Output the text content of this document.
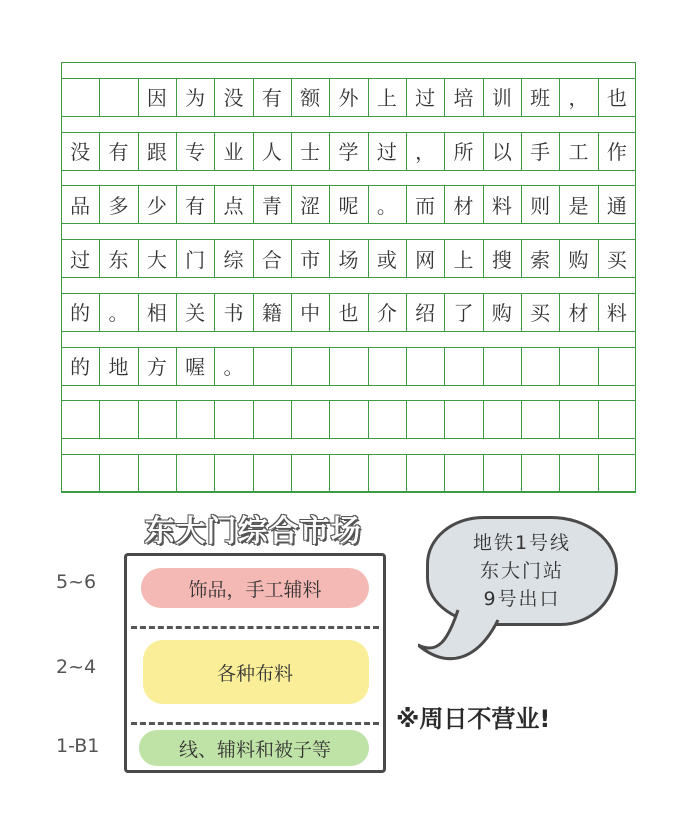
因 为 没 有 额 外 上 过 培 训 班 ， 也
没 有 跟 专 业 人 士 学 过 ， 所 以 手 工 作
品 多 少 有 点 青 涩 呢 。 而 材 料 则 是 通
过 东 大 门 综 合 市 场 或 网 上 搜 索 购 买
的 。 相 关 书 籍 中 也 介 绍 了 购 买 材 料
的 地 方 喔 。
东大门综合市场
5~6
2~4
1-B1
饰品，手工辅料
各种布料
线、辅料和被子等
地铁1号线
东大门站
9号出口
※周日不营业!
